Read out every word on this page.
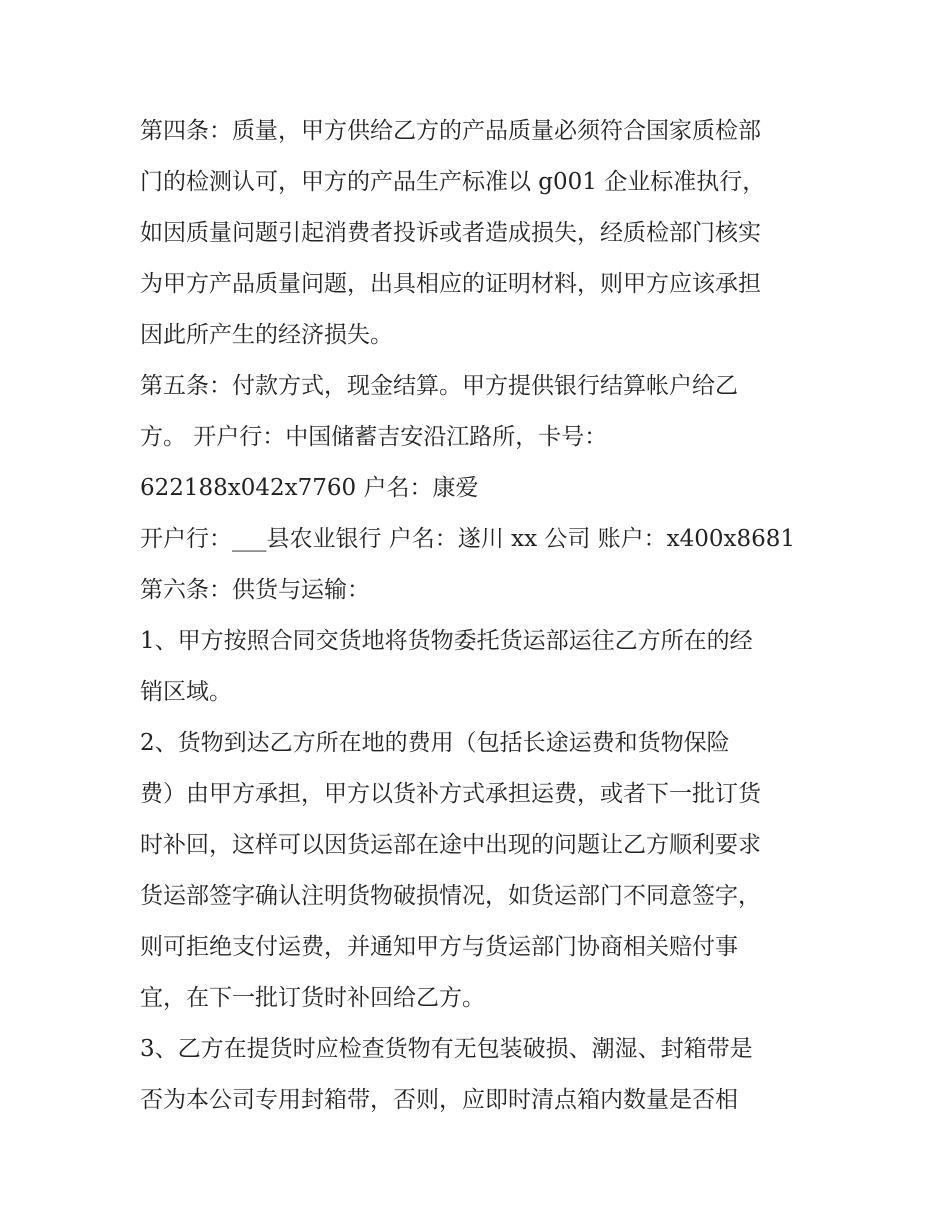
第四条：质量，甲方供给乙方的产品质量必须符合国家质检部
门的检测认可，甲方的产品生产标准以 g001 企业标准执行，
如因质量问题引起消费者投诉或者造成损失，经质检部门核实
为甲方产品质量问题，出具相应的证明材料，则甲方应该承担
因此所产生的经济损失。
第五条：付款方式，现金结算。甲方提供银行结算帐户给乙
方。 开户行：中国储蓄吉安沿江路所，卡号：
622188x042x7760 户名：康爱
开户行：___县农业银行 户名：遂川 xx 公司 账户：x400x8681
第六条：供货与运输：
1、甲方按照合同交货地将货物委托货运部运往乙方所在的经
销区域。
2、货物到达乙方所在地的费用（包括长途运费和货物保险
费）由甲方承担，甲方以货补方式承担运费，或者下一批订货
时补回，这样可以因货运部在途中出现的问题让乙方顺利要求
货运部签字确认注明货物破损情况，如货运部门不同意签字，
则可拒绝支付运费，并通知甲方与货运部门协商相关赔付事
宜，在下一批订货时补回给乙方。
3、乙方在提货时应检查货物有无包装破损、潮湿、封箱带是
否为本公司专用封箱带，否则，应即时清点箱内数量是否相
